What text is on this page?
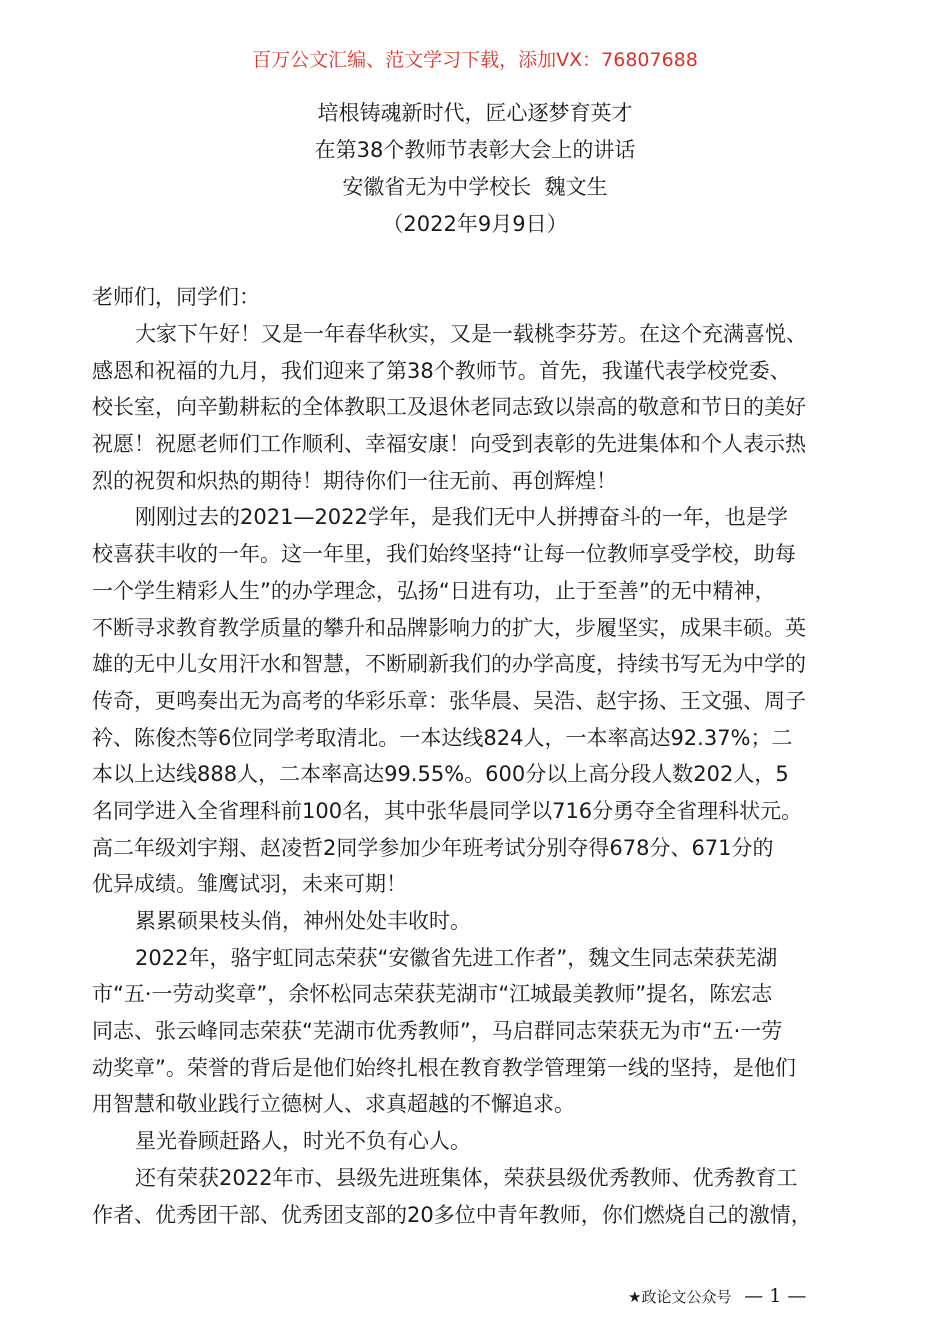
百万公文汇编、范文学习下载，添加VX：76807688
培根铸魂新时代，匠心逐梦育英才
在第38个教师节表彰大会上的讲话
安徽省无为中学校长  魏文生
（2022年9月9日）
老师们，同学们：
大家下午好！又是一年春华秋实，又是一载桃李芬芳。在这个充满喜悦、
感恩和祝福的九月，我们迎来了第38个教师节。首先，我谨代表学校党委、
校长室，向辛勤耕耘的全体教职工及退休老同志致以崇高的敬意和节日的美好
祝愿！祝愿老师们工作顺利、幸福安康！向受到表彰的先进集体和个人表示热
烈的祝贺和炽热的期待！期待你们一往无前、再创辉煌！
刚刚过去的2021—2022学年，是我们无中人拼搏奋斗的一年，也是学
校喜获丰收的一年。这一年里，我们始终坚持“让每一位教师享受学校，助每
一个学生精彩人生”的办学理念，弘扬“日进有功，止于至善”的无中精神，
不断寻求教育教学质量的攀升和品牌影响力的扩大，步履坚实，成果丰硕。英
雄的无中儿女用汗水和智慧，不断刷新我们的办学高度，持续书写无为中学的
传奇，更鸣奏出无为高考的华彩乐章：张华晨、吴浩、赵宇扬、王文强、周子
衿、陈俊杰等6位同学考取清北。一本达线824人，一本率高达92.37%；二
本以上达线888人，二本率高达99.55%。600分以上高分段人数202人，5
名同学进入全省理科前100名，其中张华晨同学以716分勇夺全省理科状元。
高二年级刘宇翔、赵凌哲2同学参加少年班考试分别夺得678分、671分的
优异成绩。雏鹰试羽，未来可期！
累累硕果枝头俏，神州处处丰收时。
2022年，骆宇虹同志荣获“安徽省先进工作者”，魏文生同志荣获芜湖
市“五·一劳动奖章”，余怀松同志荣获芜湖市“江城最美教师”提名，陈宏志
同志、张云峰同志荣获“芜湖市优秀教师”，马启群同志荣获无为市“五·一劳
动奖章”。荣誉的背后是他们始终扎根在教育教学管理第一线的坚持，是他们
用智慧和敬业践行立德树人、求真超越的不懈追求。
星光眷顾赶路人，时光不负有心人。
还有荣获2022年市、县级先进班集体，荣获县级优秀教师、优秀教育工
作者、优秀团干部、优秀团支部的20多位中青年教师，你们燃烧自己的激情，
★政论文公众号 — 1 —
